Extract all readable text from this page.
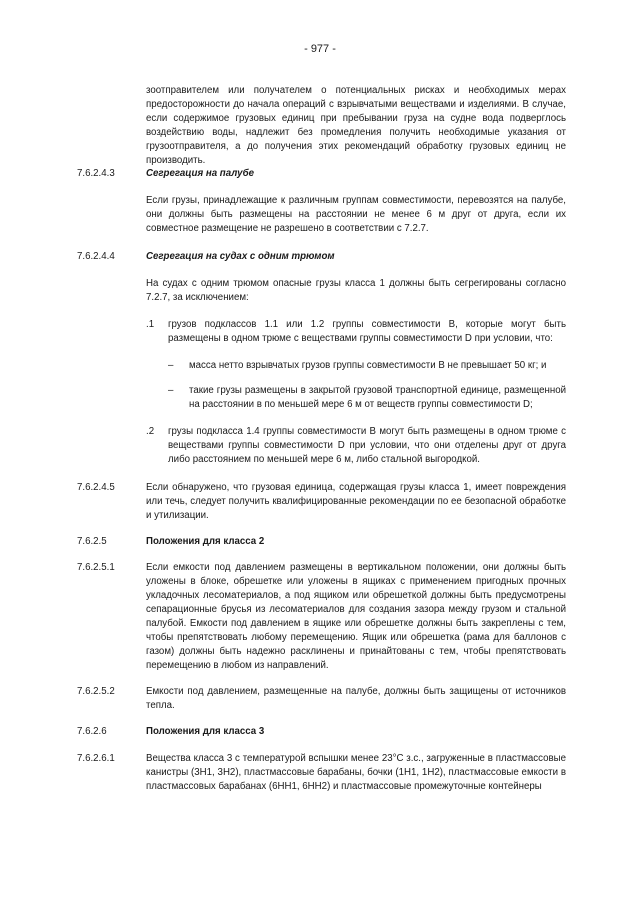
- 977 -
зоотправителем или получателем о потенциальных рисках и необходимых мерах предосторожности до начала операций с взрывчатыми веществами и изделиями. В случае, если содержимое грузовых единиц при пребывании груза на судне вода подверглось воздействию воды, надлежит без промедления получить необходимые указания от грузоотправителя, а до получения этих рекомендаций обработку грузовых единиц не производить.
7.6.2.4.3	Сегрегация на палубе
Если грузы, принадлежащие к различным группам совместимости, перевозятся на палубе, они должны быть размещены на расстоянии не менее 6 м друг от друга, если их совместное размещение не разрешено в соответствии с 7.2.7.
7.6.2.4.4	Сегрегация на судах с одним трюмом
На судах с одним трюмом опасные грузы класса 1 должны быть сегрегированы согласно 7.2.7, за исключением:
.1 грузов подклассов 1.1 или 1.2 группы совместимости B, которые могут быть размещены в одном трюме с веществами группы совместимости D при условии, что:
– масса нетто взрывчатых грузов группы совместимости B не превышает 50 кг; и
– такие грузы размещены в закрытой грузовой транспортной единице, размещенной на расстоянии в по меньшей мере 6 м от веществ группы совместимости D;
.2 грузы подкласса 1.4 группы совместимости B могут быть размещены в одном трюме с веществами группы совместимости D при условии, что они отделены друг от друга либо расстоянием по меньшей мере 6 м, либо стальной выгородкой.
7.6.2.4.5	Если обнаружено, что грузовая единица, содержащая грузы класса 1, имеет повреждения или течь, следует получить квалифицированные рекомендации по ее безопасной обработке и утилизации.
7.6.2.5	Положения для класса 2
7.6.2.5.1	Если емкости под давлением размещены в вертикальном положении, они должны быть уложены в блоке, обрешетке или уложены в ящиках с применением пригодных прочных укладочных лесоматериалов, а под ящиком или обрешеткой должны быть предусмотрены сепарационные брусья из лесоматериалов для создания зазора между грузом и стальной палубой. Емкости под давлением в ящике или обрешетке должны быть закреплены с тем, чтобы препятствовать любому перемещению. Ящик или обрешетка (рама для баллонов с газом) должны быть надежно расклинены и принайтованы с тем, чтобы препятствовать перемещению в любом из направлений.
7.6.2.5.2	Емкости под давлением, размещенные на палубе, должны быть защищены от источников тепла.
7.6.2.6	Положения для класса 3
7.6.2.6.1	Вещества класса 3 с температурой вспышки менее 23°C з.с., загруженные в пластмассовые канистры (3H1, 3H2), пластмассовые барабаны, бочки (1H1, 1H2), пластмассовые емкости в пластмассовых барабанах (6HH1, 6HH2) и пластмассовые промежуточные контейнеры
